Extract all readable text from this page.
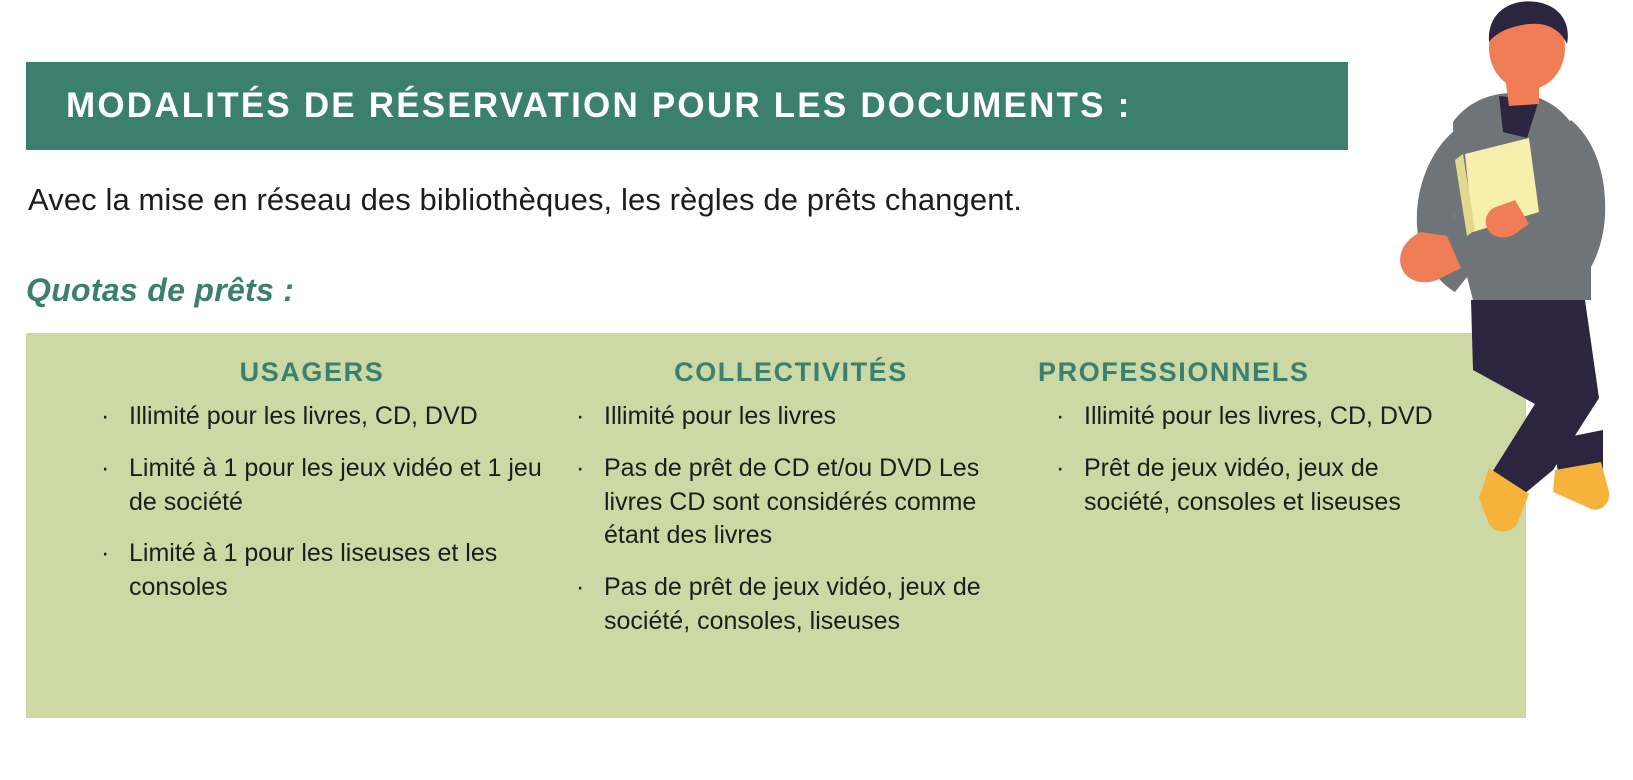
MODALITÉS DE RÉSERVATION POUR LES DOCUMENTS :
Avec la mise en réseau des bibliothèques, les règles de prêts changent.
Quotas de prêts :
USAGERS
· Illimité pour les livres, CD, DVD
· Limité à 1 pour les jeux vidéo et 1 jeu de société
· Limité à 1 pour les liseuses et les consoles
COLLECTIVITÉS
· Illimité pour les livres
· Pas de prêt de CD et/ou DVD Les livres CD sont considérés comme étant des livres
· Pas de prêt de jeux vidéo, jeux de société, consoles, liseuses
PROFESSIONNELS
· Illimité pour les livres, CD, DVD
· Prêt de jeux vidéo, jeux de société, consoles et liseuses
